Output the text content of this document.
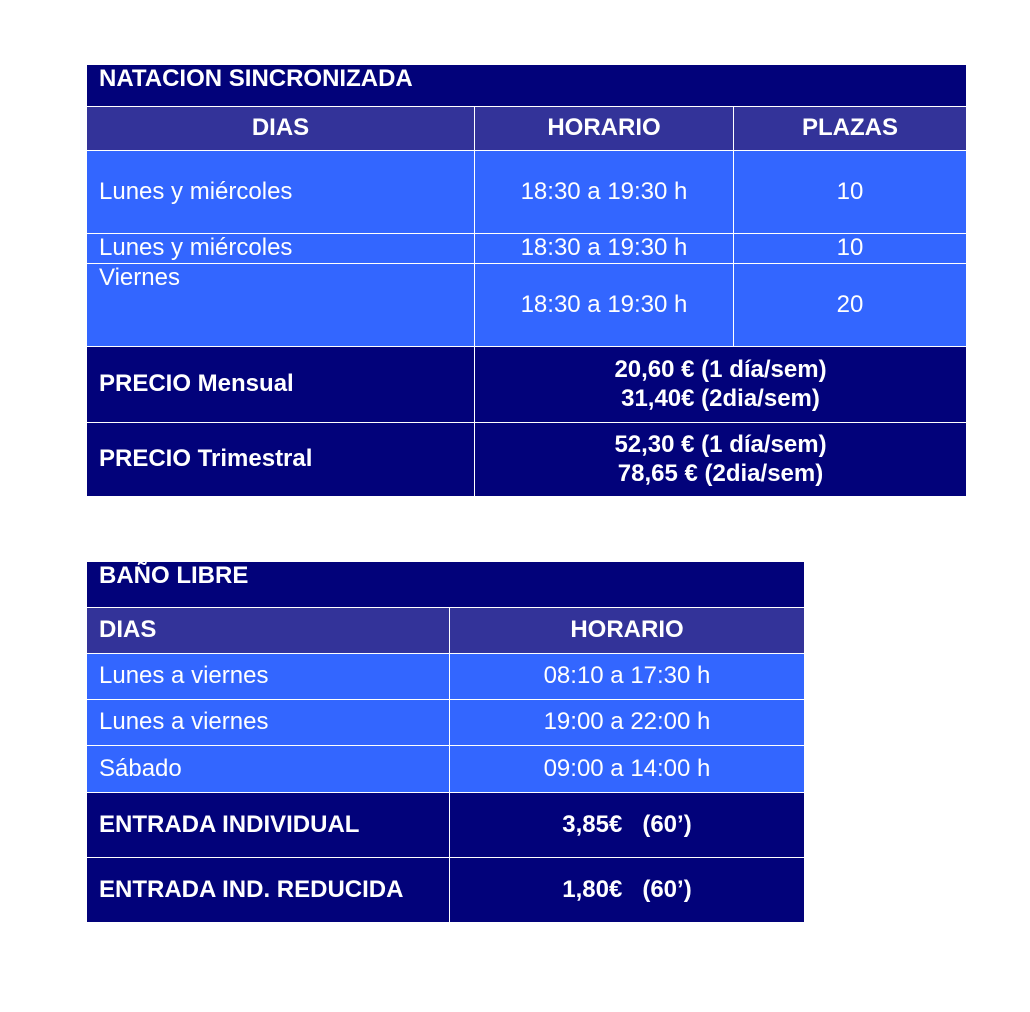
NATACION SINCRONIZADA		
DIAS	HORARIO	PLAZAS
Lunes y miércoles	18:30 a 19:30 h	10
Lunes y miércoles	18:30 a 19:30 h	10
Viernes	18:30 a 19:30 h	20
PRECIO Mensual	20,60 € (1 día/sem)
31,40€ (2dia/sem)	

PRECIO Trimestral	52,30 € (1 día/sem)
78,65 € (2dia/sem)	
BAÑO LIBRE	
DIAS	HORARIO
Lunes a viernes	08:10 a 17:30 h
Lunes a viernes	19:00 a 22:00 h
Sábado	09:00 a 14:00 h
ENTRADA INDIVIDUAL	3,85€   (60’)
ENTRADA IND. REDUCIDA	1,80€   (60’)
